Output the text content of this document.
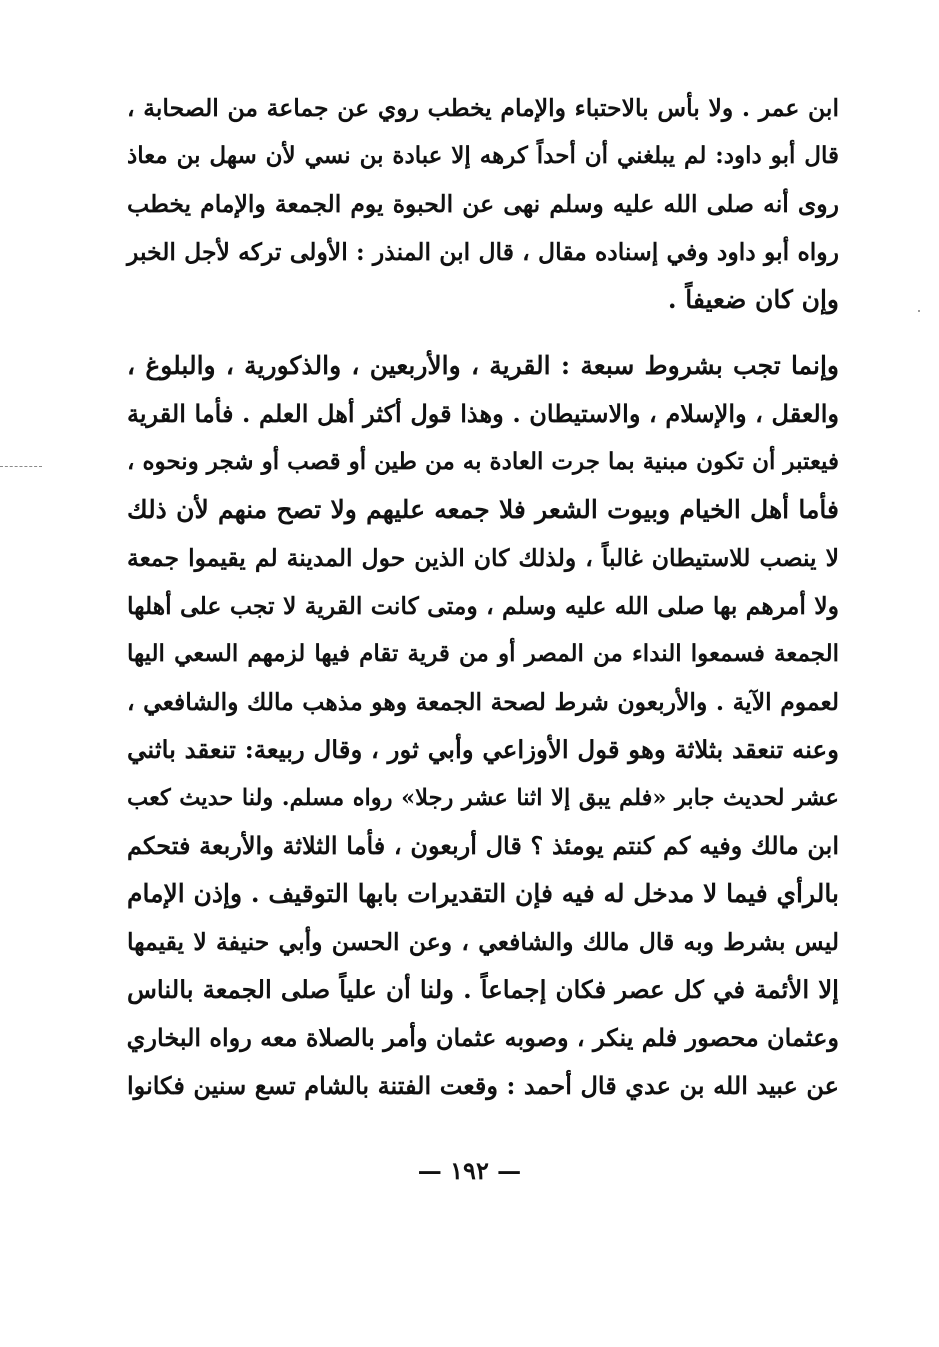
ابن عمر . ولا بأس بالاحتباء والإمام يخطب روي عن جماعة من الصحابة ،
قال أبو داود: لم يبلغني أن أحداً كرهه إلا عبادة بن نسي لأن سهل بن معاذ
روى أنه صلى الله عليه وسلم نهى عن الحبوة يوم الجمعة والإمام يخطب
رواه أبو داود وفي إسناده مقال ، قال ابن المنذر : الأولى تركه لأجل الخبر
وإن كان ضعيفاً .
وإنما تجب بشروط سبعة : القرية ، والأربعين ، والذكورية ، والبلوغ ،
والعقل ، والإسلام ، والاستيطان . وهذا قول أكثر أهل العلم . فأما القرية
فيعتبر أن تكون مبنية بما جرت العادة به من طين أو قصب أو شجر ونحوه ،
فأما أهل الخيام وبيوت الشعر فلا جمعه عليهم ولا تصح منهم لأن ذلك
لا ينصب للاستيطان غالباً ، ولذلك كان الذين حول المدينة لم يقيموا جمعة
ولا أمرهم بها صلى الله عليه وسلم ، ومتى كانت القرية لا تجب على أهلها
الجمعة فسمعوا النداء من المصر أو من قرية تقام فيها لزمهم السعي اليها
لعموم الآية . والأربعون شرط لصحة الجمعة وهو مذهب مالك والشافعي ،
وعنه تنعقد بثلاثة وهو قول الأوزاعي وأبي ثور ، وقال ربيعة: تنعقد باثني
عشر لحديث جابر «فلم يبق إلا اثنا عشر رجلا» رواه مسلم. ولنا حديث كعب
ابن مالك وفيه كم كنتم يومئذ ؟ قال أربعون ، فأما الثلاثة والأربعة فتحكم
بالرأي فيما لا مدخل له فيه فإن التقديرات بابها التوقيف . وإذن الإمام
ليس بشرط وبه قال مالك والشافعي ، وعن الحسن وأبي حنيفة لا يقيمها
إلا الأئمة في كل عصر فكان إجماعاً . ولنا أن علياً صلى الجمعة بالناس
وعثمان محصور فلم ينكر ، وصوبه عثمان وأمر بالصلاة معه رواه البخاري
عن عبيد الله بن عدي قال أحمد : وقعت الفتنة بالشام تسع سنين فكانوا
— ١٩٢ —
